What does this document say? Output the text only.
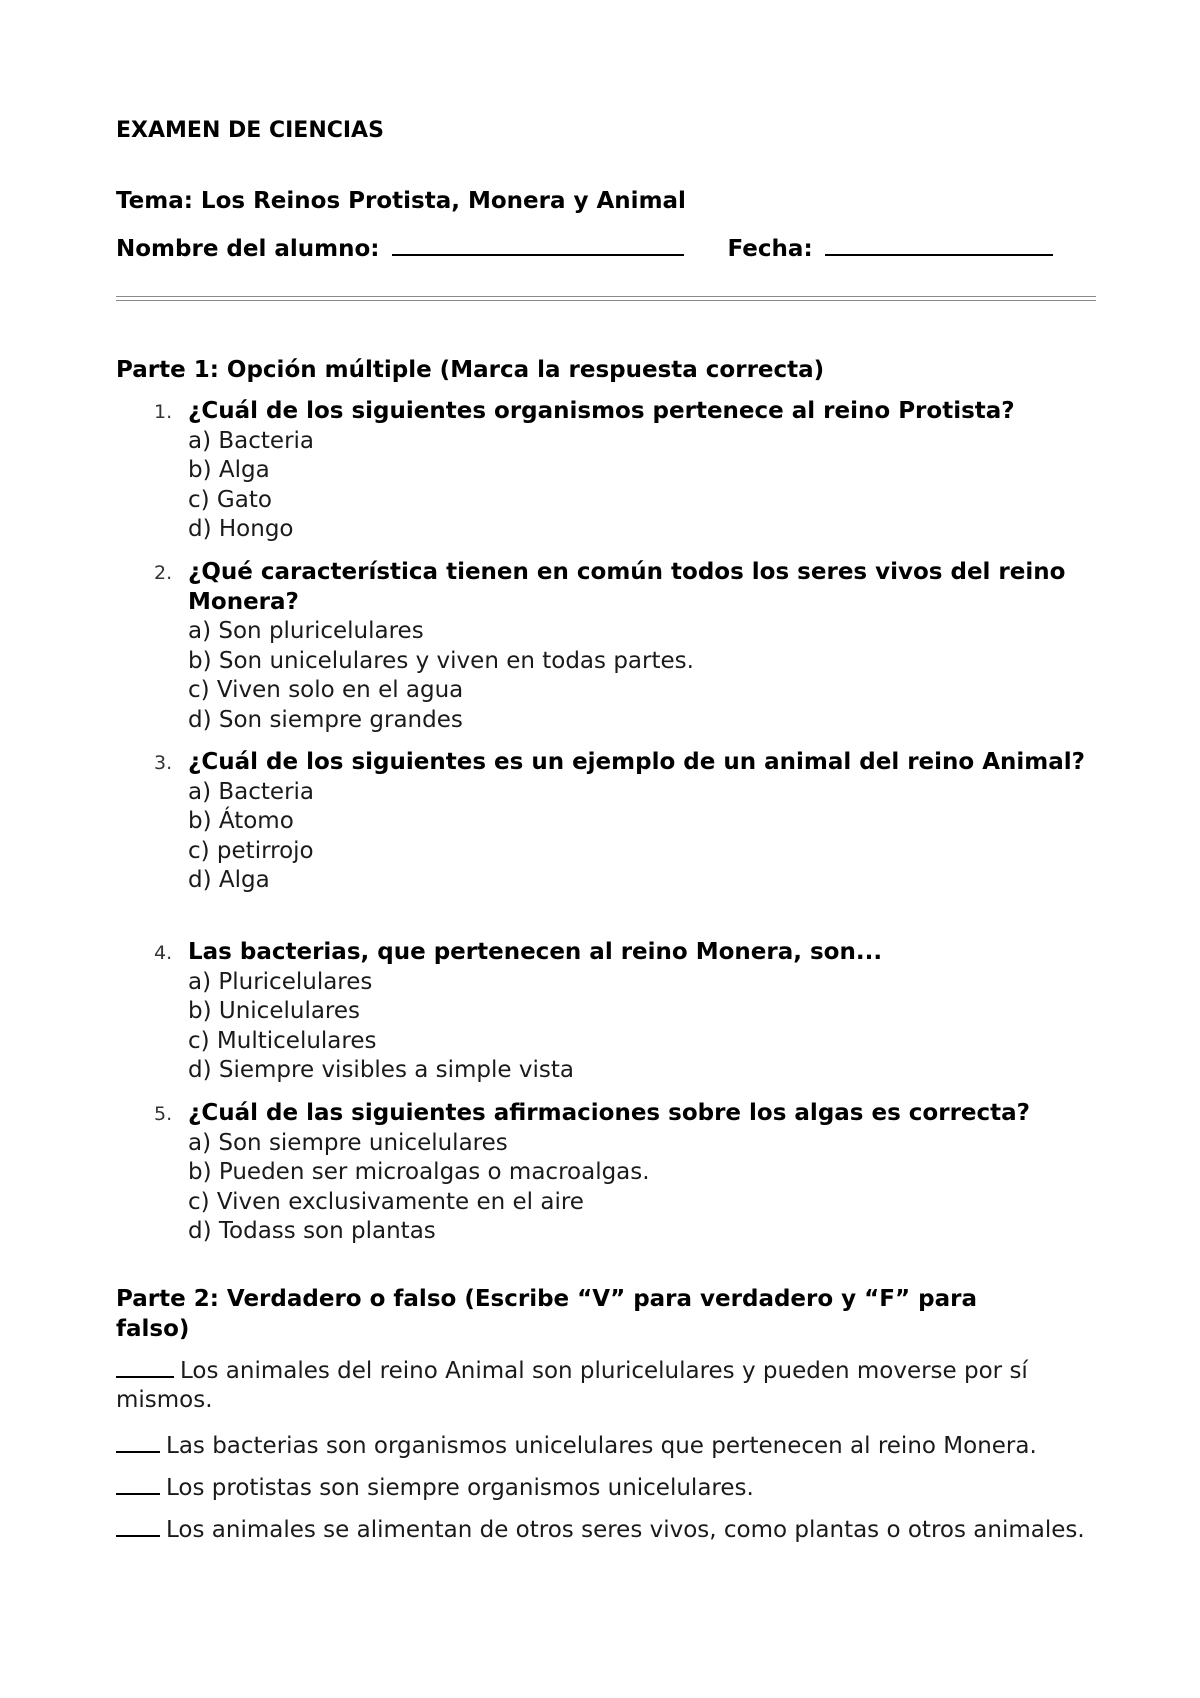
EXAMEN DE CIENCIAS
Tema: Los Reinos Protista, Monera y Animal
Nombre del alumno:	Fecha:
Parte 1: Opción múltiple (Marca la respuesta correcta)
1. ¿Cuál de los siguientes organismos pertenece al reino Protista?
a) Bacteria
b) Alga
c) Gato
d) Hongo
2. ¿Qué característica tienen en común todos los seres vivos del reino Monera?
a) Son pluricelulares
b) Son unicelulares y viven en todas partes.
c) Viven solo en el agua
d) Son siempre grandes
3. ¿Cuál de los siguientes es un ejemplo de un animal del reino Animal?
a) Bacteria
b) Átomo
c) petirrojo
d) Alga
4. Las bacterias, que pertenecen al reino Monera, son...
a) Pluricelulares
b) Unicelulares
c) Multicelulares
d) Siempre visibles a simple vista
5. ¿Cuál de las siguientes afirmaciones sobre los algas es correcta?
a) Son siempre unicelulares
b) Pueden ser microalgas o macroalgas.
c) Viven exclusivamente en el aire
d) Todass son plantas
Parte 2: Verdadero o falso (Escribe “V” para verdadero y “F” para falso)
Los animales del reino Animal son pluricelulares y pueden moverse por sí mismos.
Las bacterias son organismos unicelulares que pertenecen al reino Monera.
Los protistas son siempre organismos unicelulares.
Los animales se alimentan de otros seres vivos, como plantas o otros animales.
